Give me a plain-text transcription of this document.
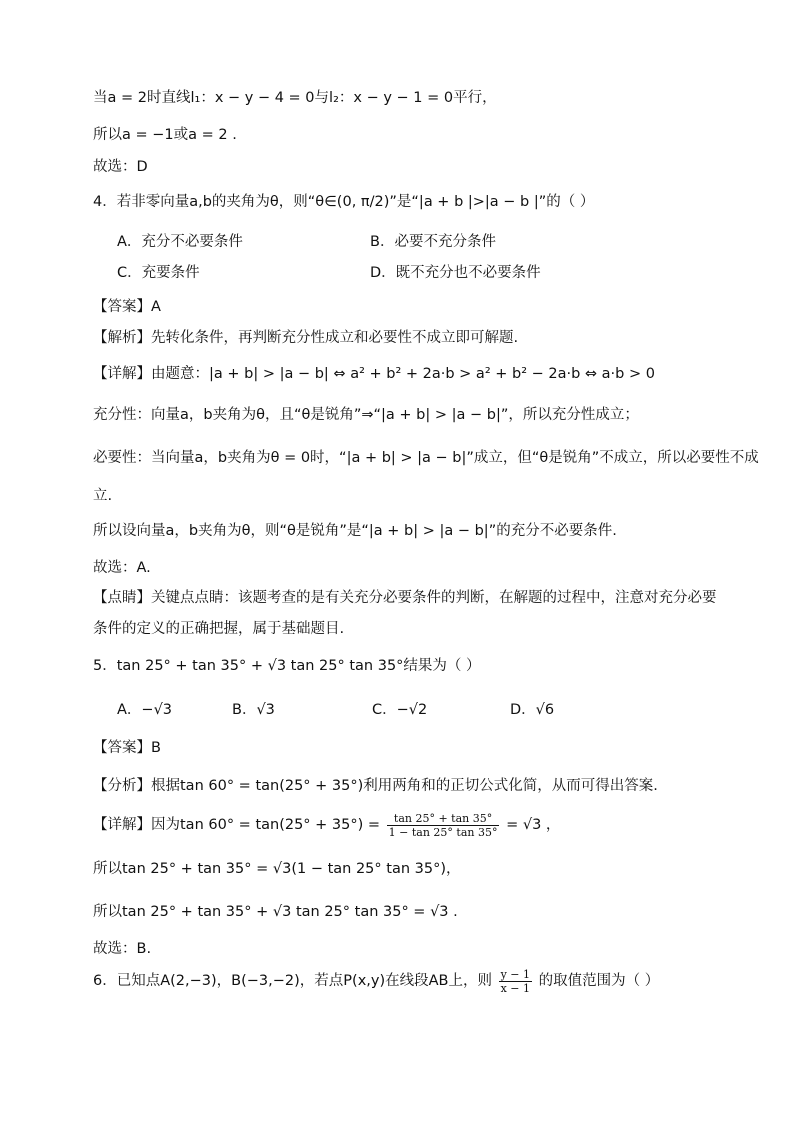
当a = 2时直线l₁：x − y − 4 = 0与l₂：x − y − 1 = 0平行，
所以a = −1或a = 2 .
故选：D
4．若非零向量a,b的夹角为θ，则“θ∈(0, π/2)”是“|a + b |>|a − b |”的（ ）
A．充分不必要条件	B．必要不充分条件
C．充要条件	D．既不充分也不必要条件
【答案】A
【解析】先转化条件，再判断充分性成立和必要性不成立即可解题.
【详解】由题意：|a + b| > |a − b| ⇔ a² + b² + 2a·b > a² + b² − 2a·b ⇔ a·b > 0
充分性：向量a，b夹角为θ，且“θ是锐角”⇒“|a + b| > |a − b|”，所以充分性成立；
必要性：当向量a，b夹角为θ = 0时，“|a + b| > |a − b|”成立，但“θ是锐角”不成立，所以必要性不成
立.
所以设向量a，b夹角为θ，则“θ是锐角”是“|a + b| > |a − b|”的充分不必要条件.
故选：A.
【点睛】关键点点睛：该题考查的是有关充分必要条件的判断，在解题的过程中，注意对充分必要
条件的定义的正确把握，属于基础题目.
5．tan 25° + tan 35° + √3 tan 25° tan 35°结果为（ ）
A．−√3	B．√3	C．−√2	D．√6
【答案】B
【分析】根据tan 60° = tan(25° + 35°)利用两角和的正切公式化简，从而可得出答案.
【详解】因为$\tan 60^\circ = \tan(25^\circ + 35^\circ) = \frac{\tan 25^\circ + \tan 35^\circ}{1 - \tan 25^\circ \tan 35^\circ} = √3$ ，
所以tan 25° + tan 35° = √3(1 − tan 25° tan 35°)，
所以tan 25° + tan 35° + √3 tan 25° tan 35° = √3 .
故选：B.
6．已知点A(2,−3)，B(−3,−2)，若点P(x,y)在线段AB上，则 $\frac{y - 1}{x - 1}$ 的取值范围为（ ）
